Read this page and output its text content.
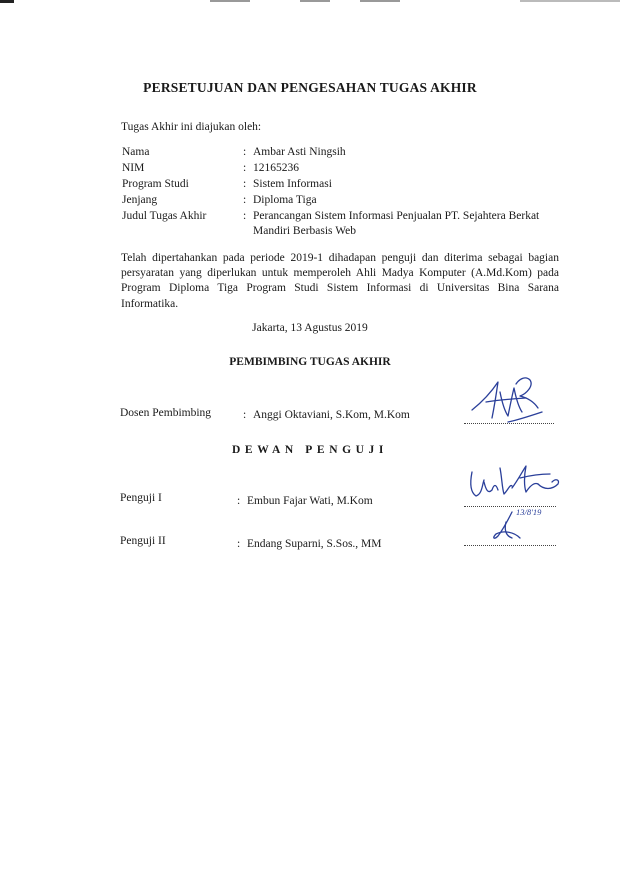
PERSETUJUAN DAN PENGESAHAN TUGAS AKHIR
Tugas Akhir ini diajukan oleh:
Nama	: Ambar Asti Ningsih
NIM	: 12165236
Program Studi	: Sistem Informasi
Jenjang	: Diploma Tiga
Judul Tugas Akhir	: Perancangan Sistem Informasi Penjualan PT. Sejahtera Berkat
Mandiri Berbasis Web
Telah dipertahankan pada periode 2019-1 dihadapan penguji dan diterima sebagai bagian persyaratan yang diperlukan untuk memperoleh Ahli Madya Komputer (A.Md.Kom) pada Program Diploma Tiga Program Studi Sistem Informasi di Universitas Bina Sarana Informatika.
Jakarta, 13 Agustus 2019
PEMBIMBING TUGAS AKHIR
Dosen Pembimbing	: Anggi Oktaviani, S.Kom, M.Kom
DEWAN PENGUJI
Penguji I	: Embun Fajar Wati, M.Kom
Penguji II	: Endang Suparni, S.Sos., MM
13/8'19
